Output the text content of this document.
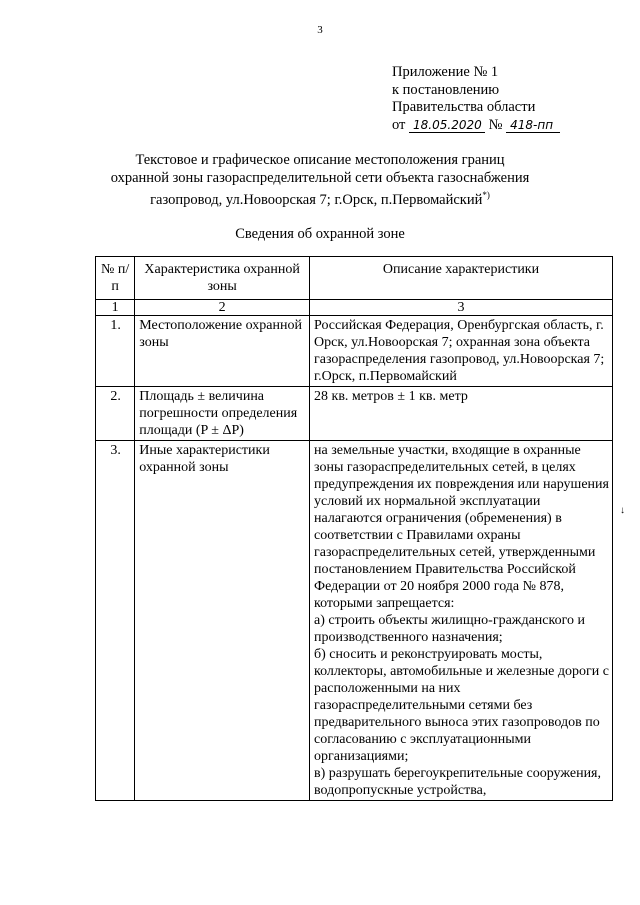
3
Приложение № 1
к постановлению
Правительства области
от 18.05.2020 № 418-пп
Текстовое и графическое описание местоположения границ
охранной зоны газораспределительной сети объекта газоснабжения
газопровод, ул.Новоорская 7; г.Орск, п.Первомайский*)
Сведения об охранной зоне
№ п/п	Характеристика охранной зоны	Описание характеристики
1	2	3
1.	Местоположение охранной зоны	Российская Федерация, Оренбургская область, г. Орск, ул.Новоорская 7; охранная зона объекта газораспределения газопровод, ул.Новоорская 7; г.Орск, п.Первомайский

2.	Площадь ± величина погрешности определения площади (P ± ΔP)	28 кв. метров ± 1 кв. метр

3.	Иные характеристики охранной зоны	на земельные участки, входящие в охранные зоны газораспределительных сетей, в целях предупреждения их повреждения или нарушения условий их нормальной эксплуатации налагаются ограничения (обременения) в соответствии с Правилами охраны газораспределительных сетей, утвержденными постановлением Правительства Российской Федерации от 20 ноября 2000 года № 878, которыми запрещается:

а) строить объекты жилищно-гражданского и производственного назначения;

б) сносить и реконструировать мосты, коллекторы, автомобильные и железные дороги с расположенными на них газораспределительными сетями без предварительного выноса этих газопроводов по согласованию с эксплуатационными организациями;

в) разрушать берегоукрепительные сооружения, водопропускные устройства,

↓
